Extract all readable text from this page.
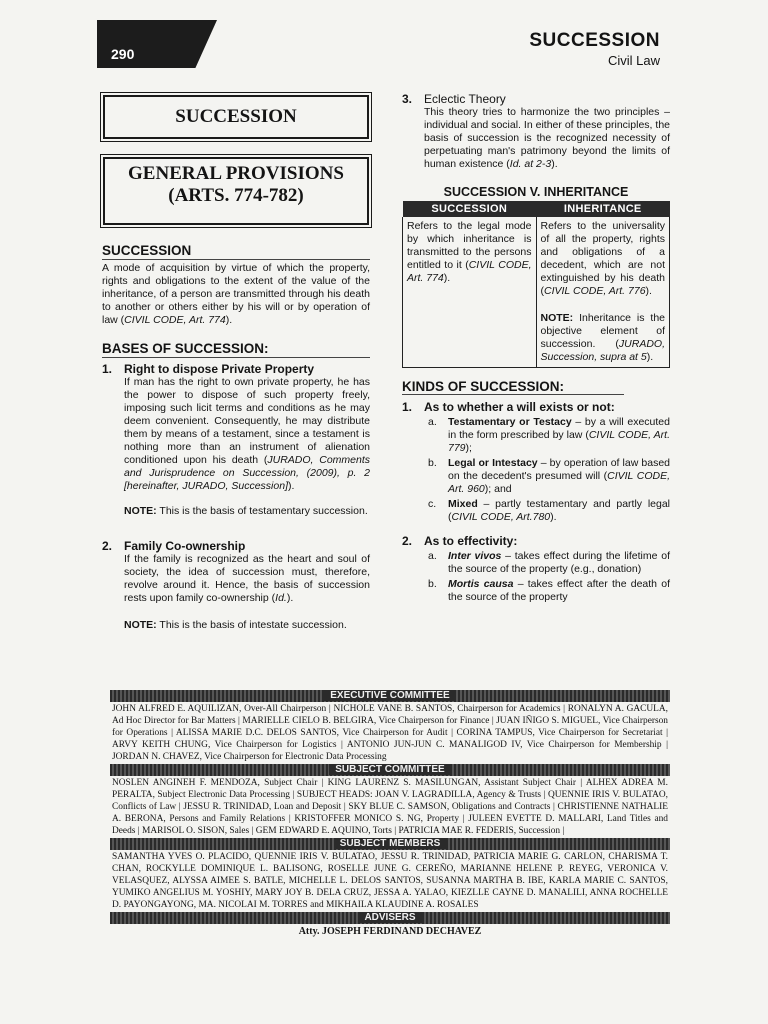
290
SUCCESSION
Civil Law
SUCCESSION
GENERAL PROVISIONS
(ARTS. 774-782)
SUCCESSION
A mode of acquisition by virtue of which the property, rights and obligations to the extent of the value of the inheritance, of a person are transmitted through his death to another or others either by his will or by operation of law (CIVIL CODE, Art. 774).
BASES OF SUCCESSION:
1. Right to dispose Private Property
If man has the right to own private property, he has the power to dispose of such property freely, imposing such licit terms and conditions as he may deem convenient. Consequently, he may distribute them by means of a testament, since a testament is nothing more than an instrument of alienation conditioned upon his death (JURADO, Comments and Jurisprudence on Succession, (2009), p. 2 [hereinafter, JURADO, Succession]).
NOTE: This is the basis of testamentary succession.
2. Family Co-ownership
If the family is recognized as the heart and soul of society, the idea of succession must, therefore, revolve around it. Hence, the basis of succession rests upon family co-ownership (Id.).
NOTE: This is the basis of intestate succession.
3. Eclectic Theory
This theory tries to harmonize the two principles – individual and social. In either of these principles, the basis of succession is the recognized necessity of perpetuating man's patrimony beyond the limits of human existence (Id. at 2-3).
SUCCESSION V. INHERITANCE
SUCCESSION	INHERITANCE
Refers to the legal mode by which inheritance is transmitted to the persons entitled to it (CIVIL CODE, Art. 774).	Refers to the universality of all the property, rights and obligations of a decedent, which are not extinguished by his death (CIVIL CODE, Art. 776).
NOTE: Inheritance is the objective element of succession. (JURADO, Succession, supra at 5).
KINDS OF SUCCESSION:
1. As to whether a will exists or not:
a.	Testamentary or Testacy – by a will executed in the form prescribed by law (CIVIL CODE, Art. 779);
b.	Legal or Intestacy – by operation of law based on the decedent's presumed will (CIVIL CODE, Art. 960); and
c.	Mixed – partly testamentary and partly legal (CIVIL CODE, Art.780).
2. As to effectivity:
a.	Inter vivos – takes effect during the lifetime of the source of the property (e.g., donation)
b.	Mortis causa – takes effect after the death of the source of the property
EXECUTIVE COMMITTEE
JOHN ALFRED E. AQUILIZAN, Over-All Chairperson | NICHOLE VANE B. SANTOS, Chairperson for Academics | RONALYN A. GACULA, Ad Hoc Director for Bar Matters | MARIELLE CIELO B. BELGIRA, Vice Chairperson for Finance | JUAN IÑIGO S. MIGUEL, Vice Chairperson for Operations | ALISSA MARIE D.C. DELOS SANTOS, Vice Chairperson for Audit | CORINA TAMPUS, Vice Chairperson for Secretariat | ARVY KEITH CHUNG, Vice Chairperson for Logistics | ANTONIO JUN-JUN C. MANALIGOD IV, Vice Chairperson for Membership | JORDAN N. CHAVEZ, Vice Chairperson for Electronic Data Processing
SUBJECT COMMITTEE
NOSLEN ANGINEH F. MENDOZA, Subject Chair | KING LAURENZ S. MASILUNGAN, Assistant Subject Chair | ALHEX ADREA M. PERALTA, Subject Electronic Data Processing | SUBJECT HEADS: JOAN V. LAGRADILLA, Agency & Trusts | QUENNIE IRIS V. BULATAO, Conflicts of Law | JESSU R. TRINIDAD, Loan and Deposit | SKY BLUE C. SAMSON, Obligations and Contracts | CHRISTIENNE NATHALIE A. BERONA, Persons and Family Relations | KRISTOFFER MONICO S. NG, Property | JULEEN EVETTE D. MALLARI, Land Titles and Deeds | MARISOL O. SISON, Sales | GEM EDWARD E. AQUINO, Torts | PATRICIA MAE R. FEDERIS, Succession |
SUBJECT MEMBERS
SAMANTHA YVES O. PLACIDO, QUENNIE IRIS V. BULATAO, JESSU R. TRINIDAD, PATRICIA MARIE G. CARLON, CHARISMA T. CHAN, ROCKYLLE DOMINIQUE L. BALISONG, ROSELLE JUNE G. CEREÑO, MARIANNE HELENE P. REYEG, VERONICA V. VELASQUEZ, ALYSSA AIMEE S. BATLE, MICHELLE L. DELOS SANTOS, SUSANNA MARTHA B. IBE, KARLA MARIE C. SANTOS, YUMIKO ANGELIUS M. YOSHIY, MARY JOY B. DELA CRUZ, JESSA A. YALAO, KIEZLLE CAYNE D. MANALILI, ANNA ROCHELLE D. PAYONGAYONG, MA. NICOLAI M. TORRES and MIKHAILA KLAUDINE A. ROSALES
ADVISERS
Atty. JOSEPH FERDINAND DECHAVEZ
